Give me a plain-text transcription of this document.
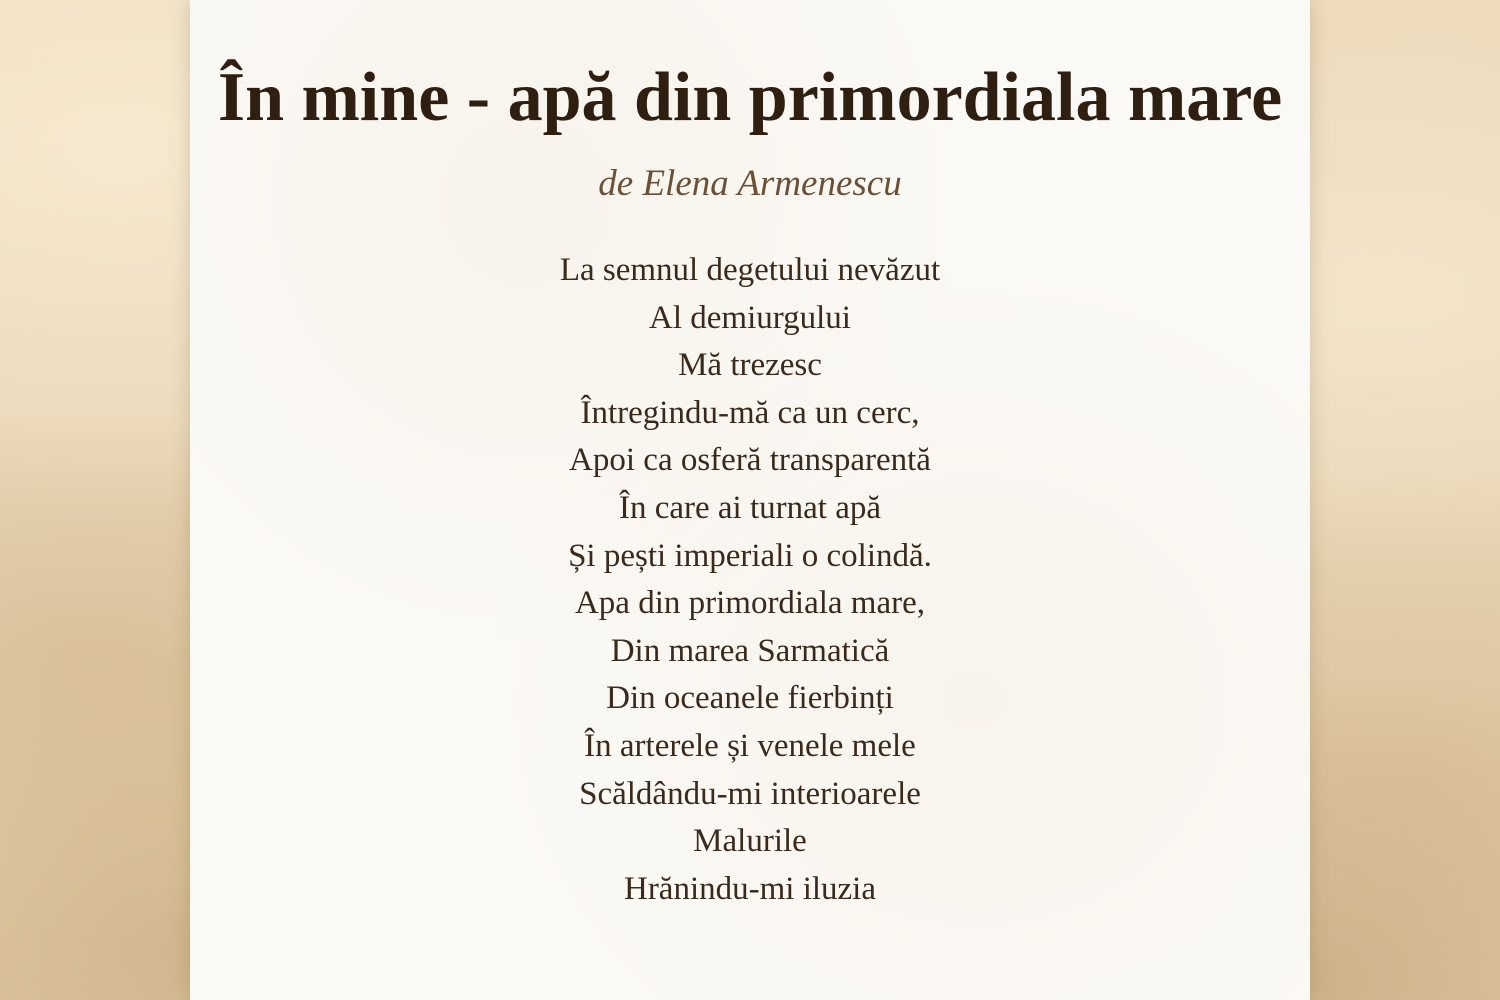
În mine - apă din primordiala mare

de Elena Armenescu

La semnul degetului nevăzut
Al demiurgului
Mă trezesc
Întregindu-mă ca un cerc,
Apoi ca osferă transparentă
În care ai turnat apă
Și pești imperiali o colindă.
Apa din primordiala mare,
Din marea Sarmatică
Din oceanele fierbinți
În arterele și venele mele
Scăldându-mi interioarele
Malurile
Hrănindu-mi iluzia
